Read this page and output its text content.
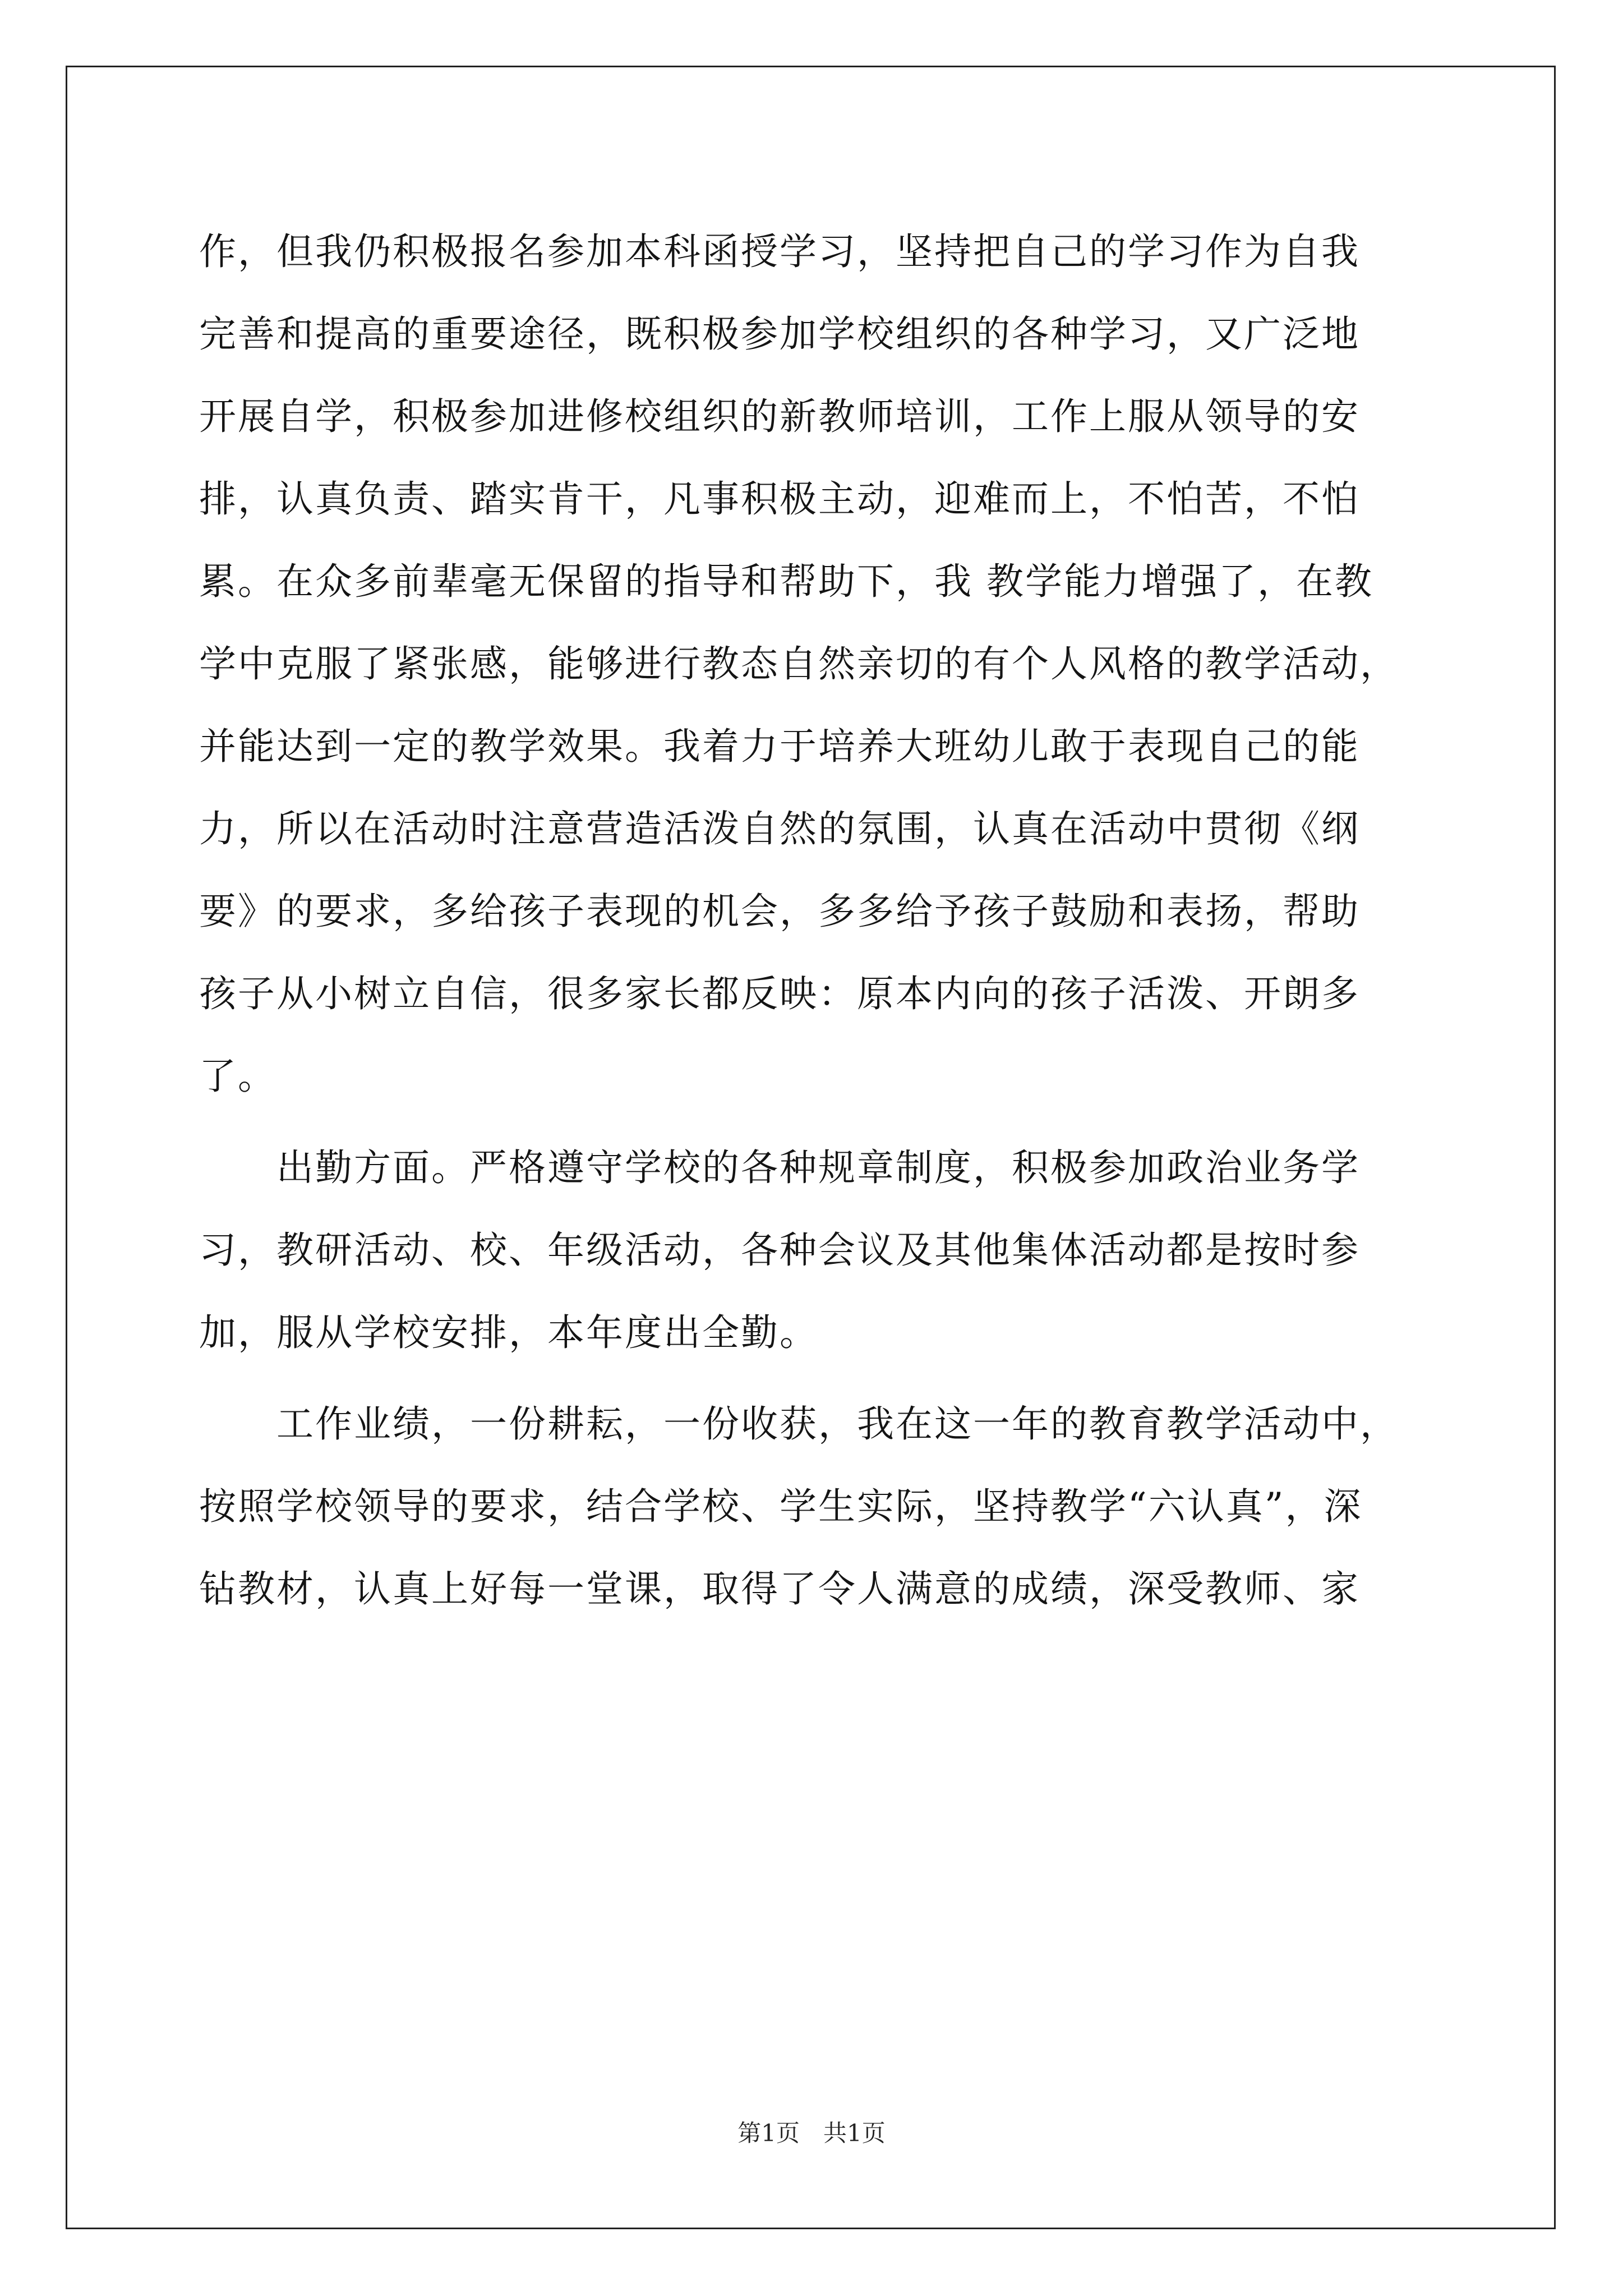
作，但我仍积极报名参加本科函授学习，坚持把自己的学习作为自我
完善和提高的重要途径，既积极参加学校组织的各种学习，又广泛地
开展自学，积极参加进修校组织的新教师培训，工作上服从领导的安
排，认真负责、踏实肯干，凡事积极主动，迎难而上，不怕苦，不怕
累。在众多前辈毫无保留的指导和帮助下，我 教学能力增强了，在教
学中克服了紧张感，能够进行教态自然亲切的有个人风格的教学活动，
并能达到一定的教学效果。我着力于培养大班幼儿敢于表现自己的能
力，所以在活动时注意营造活泼自然的氛围，认真在活动中贯彻《纲
要》的要求，多给孩子表现的机会，多多给予孩子鼓励和表扬，帮助
孩子从小树立自信，很多家长都反映：原本内向的孩子活泼、开朗多
了。
　　出勤方面。严格遵守学校的各种规章制度，积极参加政治业务学
习，教研活动、校、年级活动，各种会议及其他集体活动都是按时参
加，服从学校安排，本年度出全勤。
　　工作业绩，一份耕耘，一份收获，我在这一年的教育教学活动中，
按照学校领导的要求，结合学校、学生实际，坚持教学“六认真”，深
钻教材，认真上好每一堂课，取得了令人满意的成绩，深受教师、家
第1页　共1页
